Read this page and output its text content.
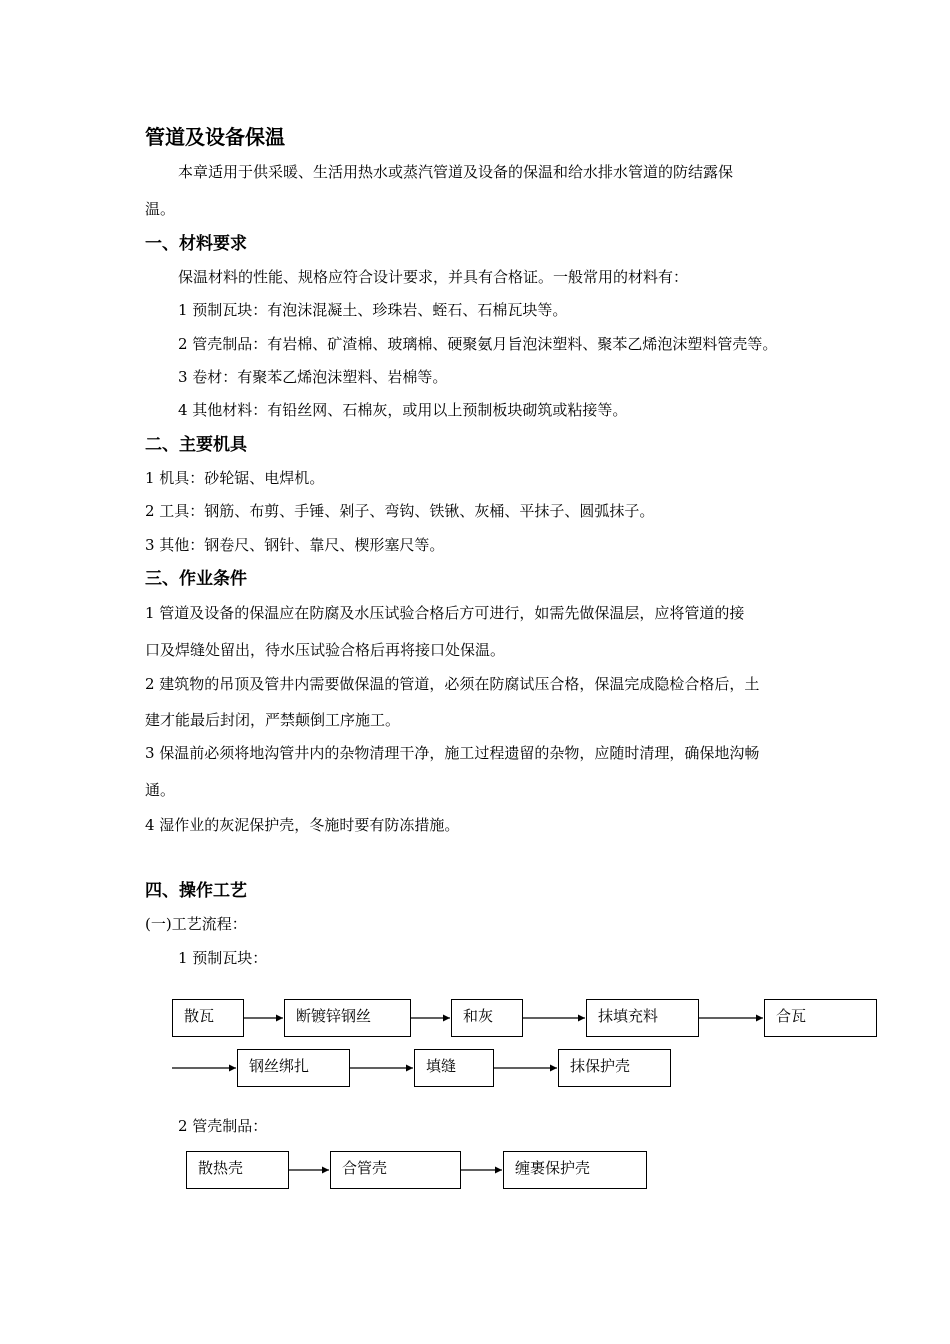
管道及设备保温
本章适用于供采暖、生活用热水或蒸汽管道及设备的保温和给水排水管道的防结露保
温。
一、材料要求
保温材料的性能、规格应符合设计要求，并具有合格证。一般常用的材料有：
1 预制瓦块：有泡沫混凝土、珍珠岩、蛭石、石棉瓦块等。
2 管壳制品：有岩棉、矿渣棉、玻璃棉、硬聚氨月旨泡沫塑料、聚苯乙烯泡沫塑料管壳等。
3 卷材：有聚苯乙烯泡沫塑料、岩棉等。
4 其他材料：有铅丝网、石棉灰，或用以上预制板块砌筑或粘接等。
二、主要机具
1 机具：砂轮锯、电焊机。
2 工具：钢筋、布剪、手锤、剁子、弯钩、铁锹、灰桶、平抹子、圆弧抹子。
3 其他：钢卷尺、钢针、靠尺、楔形塞尺等。
三、作业条件
1 管道及设备的保温应在防腐及水压试验合格后方可进行，如需先做保温层，应将管道的接
口及焊缝处留出，待水压试验合格后再将接口处保温。
2 建筑物的吊顶及管井内需要做保温的管道，必须在防腐试压合格，保温完成隐检合格后，土
建才能最后封闭，严禁颠倒工序施工。
3 保温前必须将地沟管井内的杂物清理干净，施工过程遗留的杂物，应随时清理，确保地沟畅
通。
4 湿作业的灰泥保护壳，冬施时要有防冻措施。
四、操作工艺
(一)工艺流程：
1 预制瓦块：
散瓦	断镀锌钢丝	和灰	抹填充料	合瓦
钢丝绑扎	填缝	抹保护壳
2 管壳制品：
散热壳	合管壳	缠裹保护壳
